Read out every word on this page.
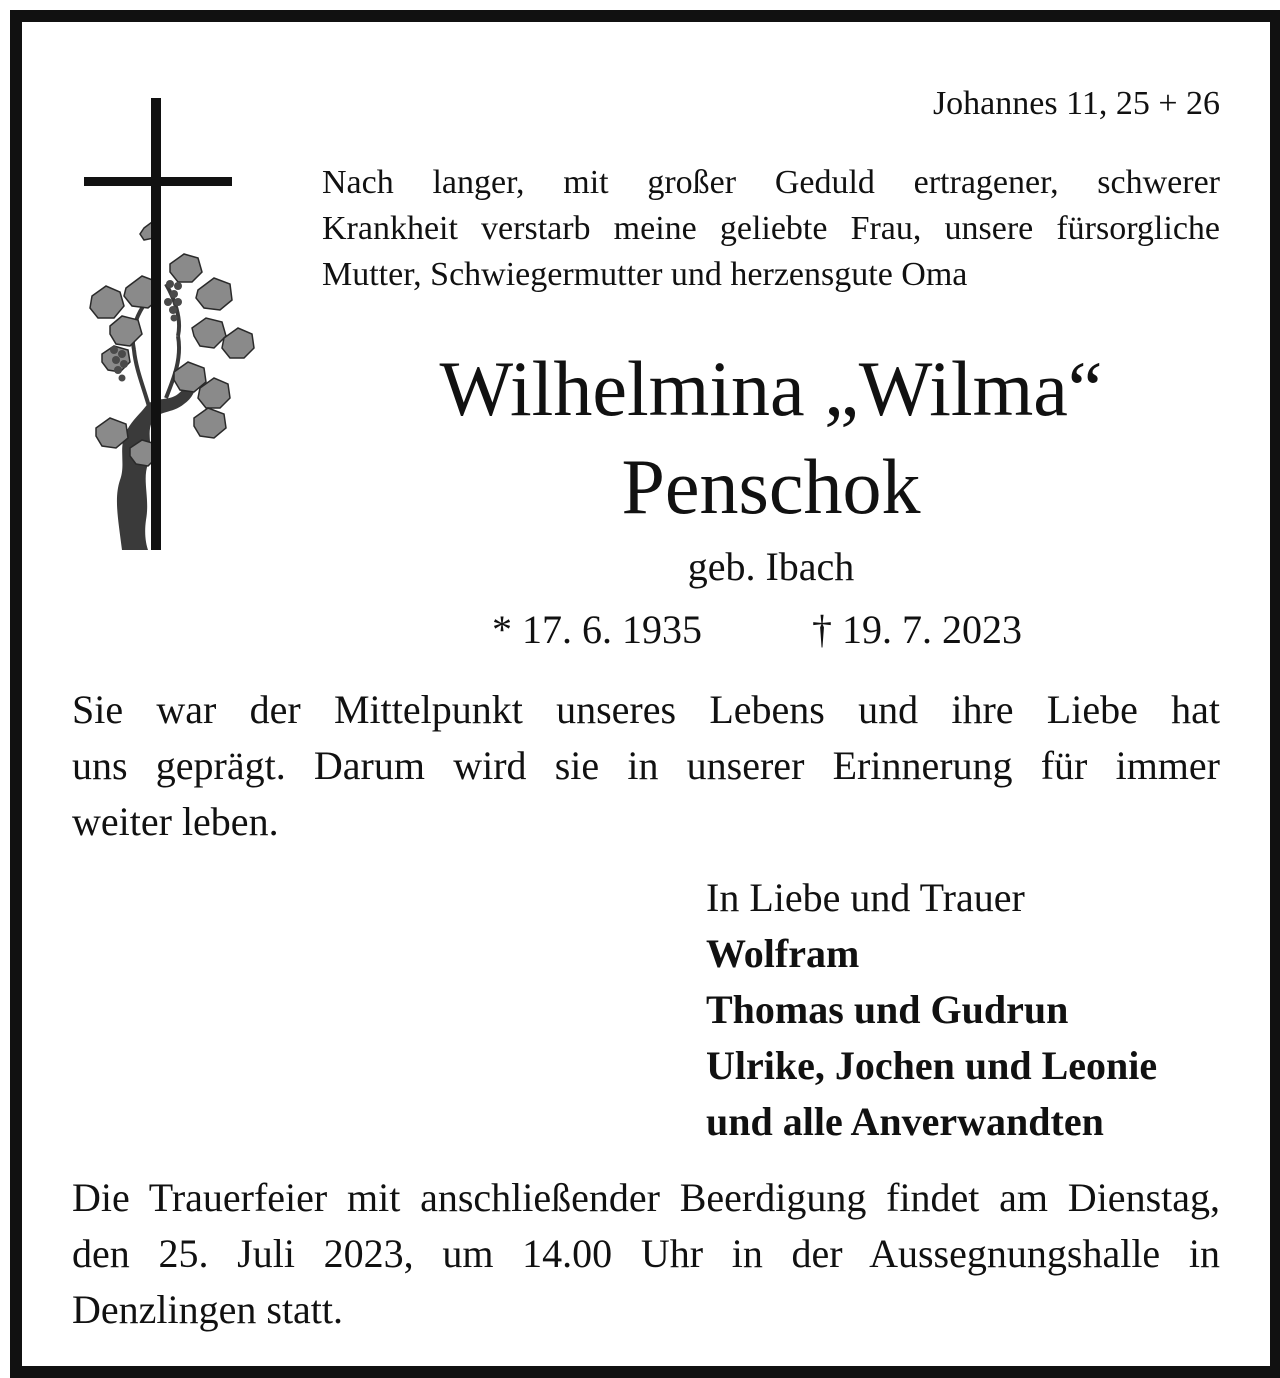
Johannes 11, 25 + 26
Nach langer, mit großer Geduld ertragener, schwerer
Krankheit verstarb meine geliebte Frau, unsere fürsorgliche
Mutter, Schwiegermutter und herzensgute Oma
Wilhelmina „Wilma“
Penschok
geb. Ibach
* 17. 6. 1935	† 19. 7. 2023
Sie war der Mittelpunkt unseres Lebens und ihre Liebe hat
uns geprägt. Darum wird sie in unserer Erinnerung für immer
weiter leben.
In Liebe und Trauer
Wolfram
Thomas und Gudrun
Ulrike, Jochen und Leonie
und alle Anverwandten
Die Trauerfeier mit anschließender Beerdigung findet am Dienstag,
den 25. Juli 2023, um 14.00 Uhr in der Aussegnungshalle in
Denzlingen statt.
